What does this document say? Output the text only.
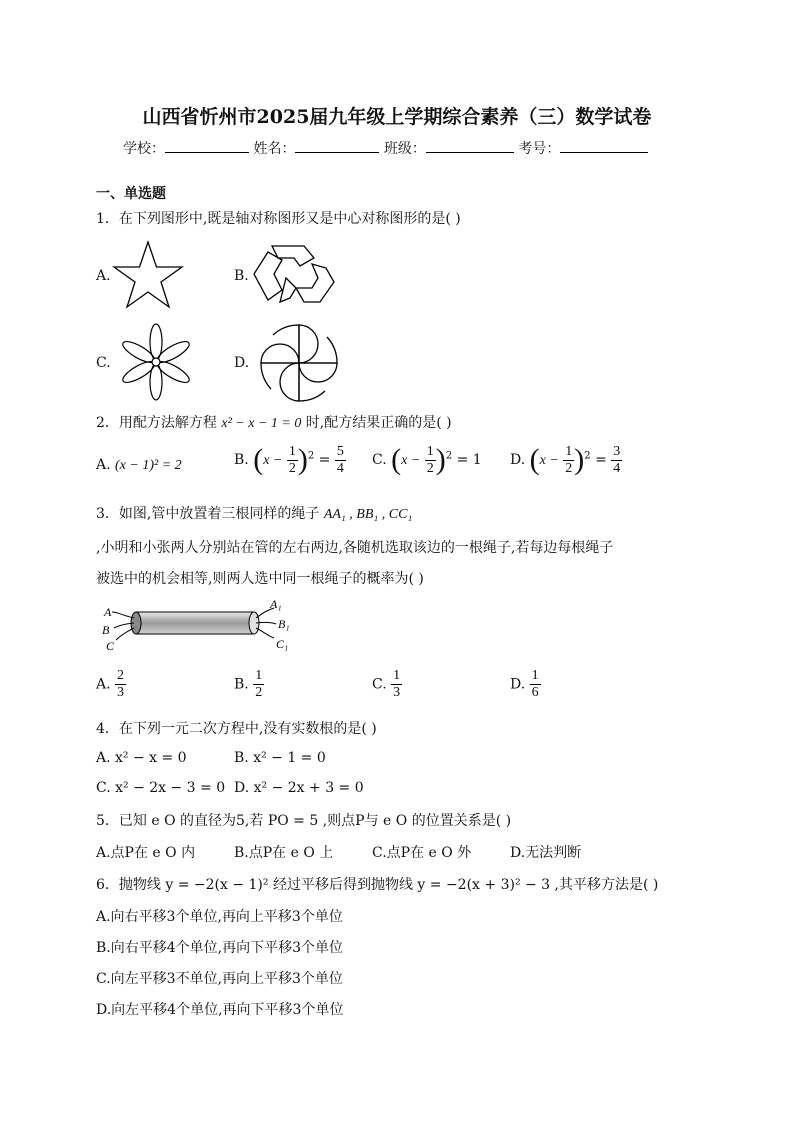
山西省忻州市2025届九年级上学期综合素养（三）数学试卷
学校：	姓名：	班级：	考号：
一、单选题
1．在下列图形中,既是轴对称图形又是中心对称图形的是( )
A.	B.
C.	D.
2．用配方法解方程 x² − x − 1 = 0 时,配方结果正确的是( )
A. (x − 1)² = 2	B. $(x - \frac{1}{2} )^2 = \frac{5}{4} C$. $(x - \frac{1}{2} )^2 = 1$ D. $(x - \frac{1}{2} )^2 = \frac{3}{4}$
3．如图,管中放置着三根同样的绳子 AA₁ , BB₁ , CC₁
,小明和小张两人分别站在管的左右两边,各随机选取该边的一根绳子,若每边每根绳子
被选中的机会相等,则两人选中同一根绳子的概率为( )
A
B
C
A₁
B₁
C₁
A. $\frac{2}{3}$	B. $\frac{1}{2}$	C. $\frac{1}{3}$	D. $\frac{1}{6}$
4．在下列一元二次方程中,没有实数根的是( )
A. x² − x = 0	B. x² − 1 = 0
C. x² − 2x − 3 = 0 D. x² − 2x + 3 = 0
5．已知 e O 的直径为5,若 PO = 5 ,则点P与 e O 的位置关系是( )
A.点P在 e O 内	B.点P在 e O 上	C.点P在 e O 外	D.无法判断
6．抛物线 y = −2(x − 1)² 经过平移后得到抛物线 y = −2(x + 3)² − 3 ,其平移方法是( )
A.向右平移3个单位,再向上平移3个单位
B.向右平移4个单位,再向下平移3个单位
C.向左平移3不单位,再向上平移3个单位
D.向左平移4个单位,再向下平移3个单位
